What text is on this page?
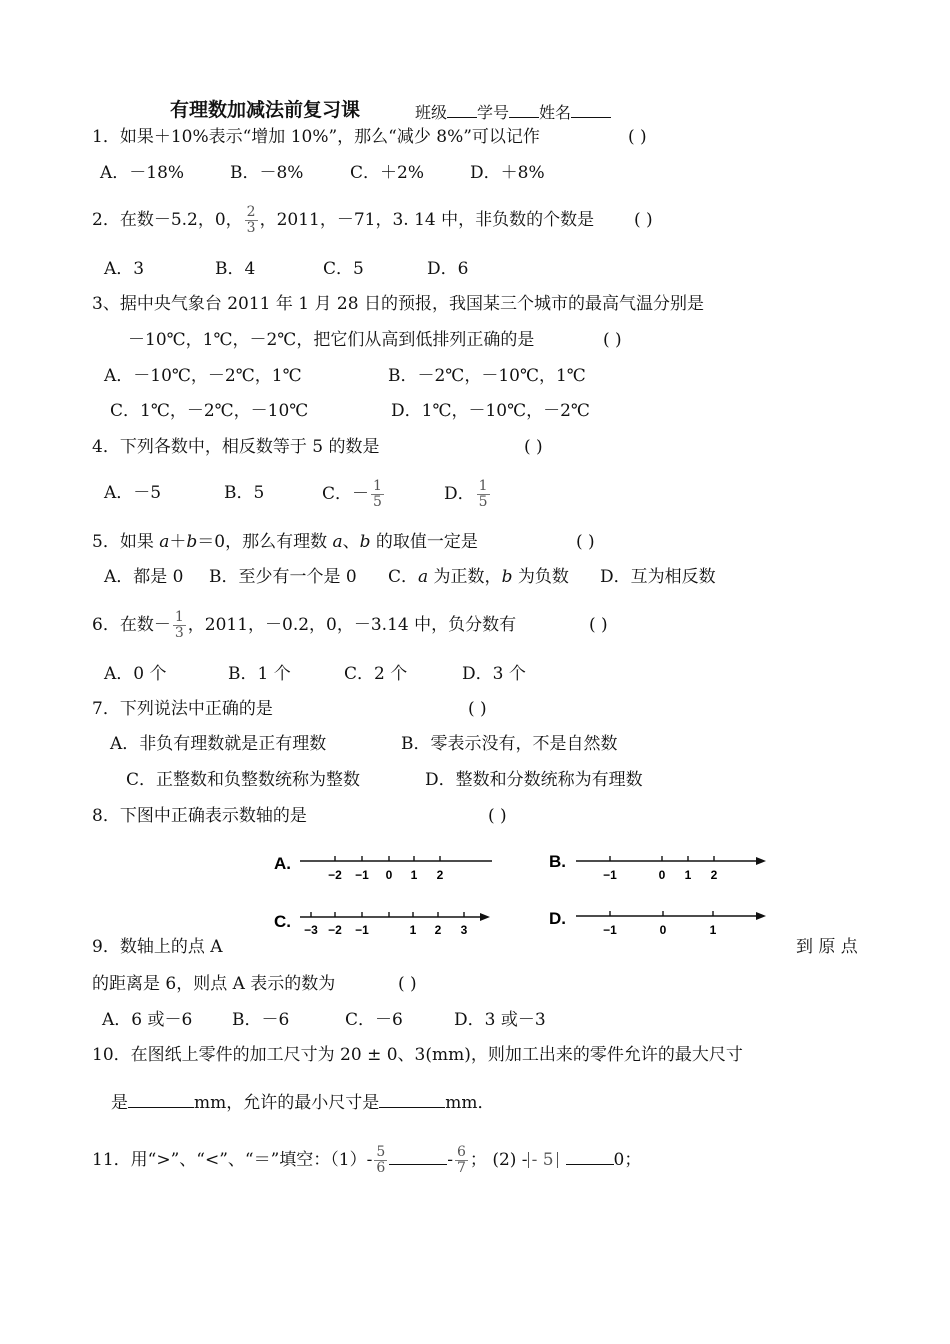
有理数加减法前复习课	班级 学号 姓名
1．如果＋10%表示“增加 10%”，那么“减少 8%”可以记作	( )
A．－18%	B．－8%	C．＋2%	D．＋8%
2．在数－5.2，0， $\frac{2}{3}$ ，2011，－71，3. 14 中，非负数的个数是 ( )
A．3	B．4	C．5	D．6
3、据中央气象台 2011 年 1 月 28 日的预报，我国某三个城市的最高气温分别是
－10℃，1℃，－2℃，把它们从高到低排列正确的是	( )
A．－10℃，－2℃，1℃	B．－2℃，－10℃，1℃
C．1℃，－2℃，－10℃	D．1℃，－10℃，－2℃
4．下列各数中，相反数等于 5 的数是	( )
A．－5	B．5	C．－ $\frac{1}{5}$	D． $\frac{1}{5}$
5．如果 a＋b＝0，那么有理数 a、b 的取值一定是	( )
A．都是 0 B．至少有一个是 0 C．a 为正数，b 为负数 D．互为相反数
6．在数－ $\frac{1}{3}$ ，2011，－0.2，0，－3.14 中，负分数有	( )
A．0 个	B．1 个	C．2 个	D．3 个
7．下列说法中正确的是	( )
A．非负有理数就是正有理数	B．零表示没有，不是自然数
C．正整数和负整数统称为整数	D．整数和分数统称为有理数
8．下图中正确表示数轴的是	( )
A.
−2 −1 0 1 2
B.
−1	0 1 2
C. −3 −2 −1	1 2 3
D.
−1	0	1
9．数轴上的点 A	到 原 点
的距离是 6，则点 A 表示的数为	( )
A．6 或－6 B．－6	C．－6	D．3 或－3
10．在图纸上零件的加工尺寸为 20 ± 0、3(mm)，则加工出来的零件允许的最大尺寸
是	mm，允许的最小尺寸是	mm．
11．用“>”、“<”、“＝”填空：$(1)- \frac{5}{6}$	- $\frac{6}{7}$ ； (2) - - 5	0；
